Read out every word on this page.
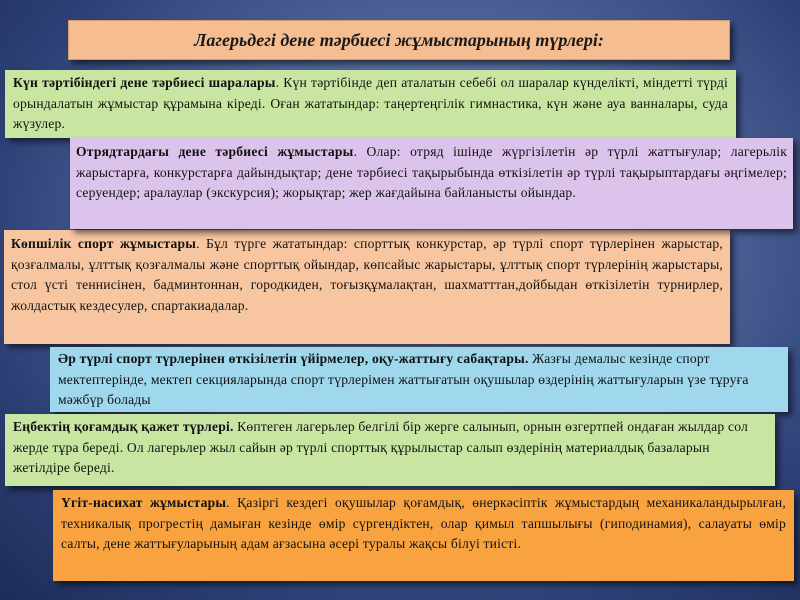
Лагерьдегі дене тәрбиесі жұмыстарының түрлері:
Күн тәртібіндегі дене тәрбиесі шаралары. Күн тәртібінде деп аталатын себебі ол шаралар күнделікті, міндетті түрді орындалатын жұмыстар құрамына кіреді. Оған жататындар: таңертеңгілік гимнастика, күн және ауа ванналары, суда жүзулер.
Көпшілік спорт жұмыстары. Бұл түрге жататындар: спорттық конкурстар, әр түрлі спорт түрлерінен жарыстар, қозғалмалы, ұлттық қозғалмалы және спорттық ойындар, көпсайыс жарыстары, ұлттық спорт түрлерінің жарыстары, стол үсті теннисінен, бадминтоннан, городкиден, тоғызқұмалақтан, шахматттан,дойбыдан өткізілетін турнирлер, жолдастық кездесулер, спартакиадалар.
Отрядтардағы дене тәрбиесі жұмыстары. Олар: отряд ішінде жүргізілетін әр түрлі жаттығулар; лагерьлік жарыстарға, конкурстарға дайындықтар; дене тәрбиесі тақырыбында өткізілетін әр түрлі тақырыптардағы әңгімелер; серуендер; аралаулар (экскурсия); жорықтар; жер жағдайына байланысты ойындар.
Әр түрлі спорт түрлерінен өткізілетін үйірмелер, оқу-жаттығу сабақтары. Жазғы демалыс кезінде спорт мектептерінде, мектеп секцияларында спорт түрлерімен жаттығатын оқушылар өздерінің жаттығуларын үзе тұруға мәжбүр болады
Еңбектің қоғамдық қажет түрлері. Көптеген лагерьлер белгілі бір жерге салынып, орнын өзгертпей ондаған жылдар сол жерде тұра береді. Ол лагерьлер жыл сайын әр түрлі спорттық құрылыстар салып өздерінің материалдық базаларын жетілдіре береді.
Үгіт-насихат жұмыстары. Қазіргі кездегі оқушылар қоғамдық, өнеркәсіптік жұмыстардың механикаландырылған, техникалық прогрестің дамыған кезінде өмір сүргендіктен, олар қимыл тапшылығы (гиподинамия), салауаты өмір салты, дене жаттығуларының адам ағзасына әсері туралы жақсы білуі тиісті.
